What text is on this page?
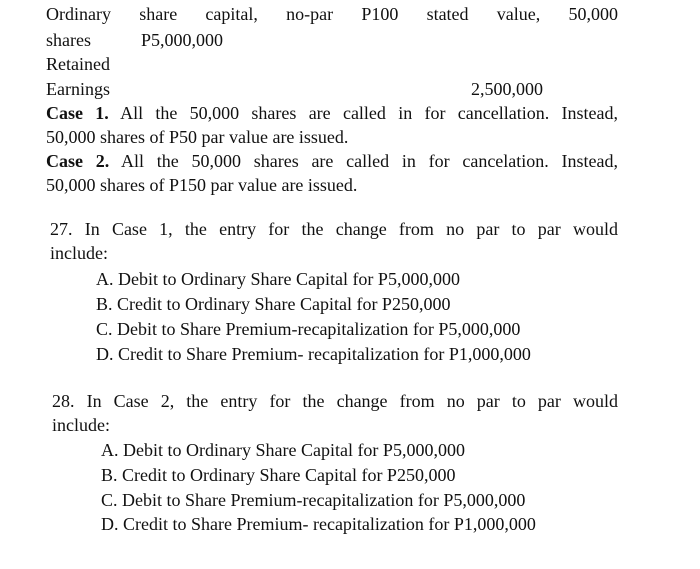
Ordinary share capital, no-par P100 stated value, 50,000
shares	P5,000,000
Retained
Earnings	2,500,000
Case 1. All the 50,000 shares are called in for cancellation. Instead,
50,000 shares of P50 par value are issued.
Case 2. All the 50,000 shares are called in for cancelation. Instead,
50,000 shares of P150 par value are issued.
27. In Case 1, the entry for the change from no par to par would
include:
A. Debit to Ordinary Share Capital for P5,000,000
B. Credit to Ordinary Share Capital for P250,000
C. Debit to Share Premium-recapitalization for P5,000,000
D. Credit to Share Premium- recapitalization for P1,000,000
28. In Case 2, the entry for the change from no par to par would
include:
A. Debit to Ordinary Share Capital for P5,000,000
B. Credit to Ordinary Share Capital for P250,000
C. Debit to Share Premium-recapitalization for P5,000,000
D. Credit to Share Premium- recapitalization for P1,000,000
